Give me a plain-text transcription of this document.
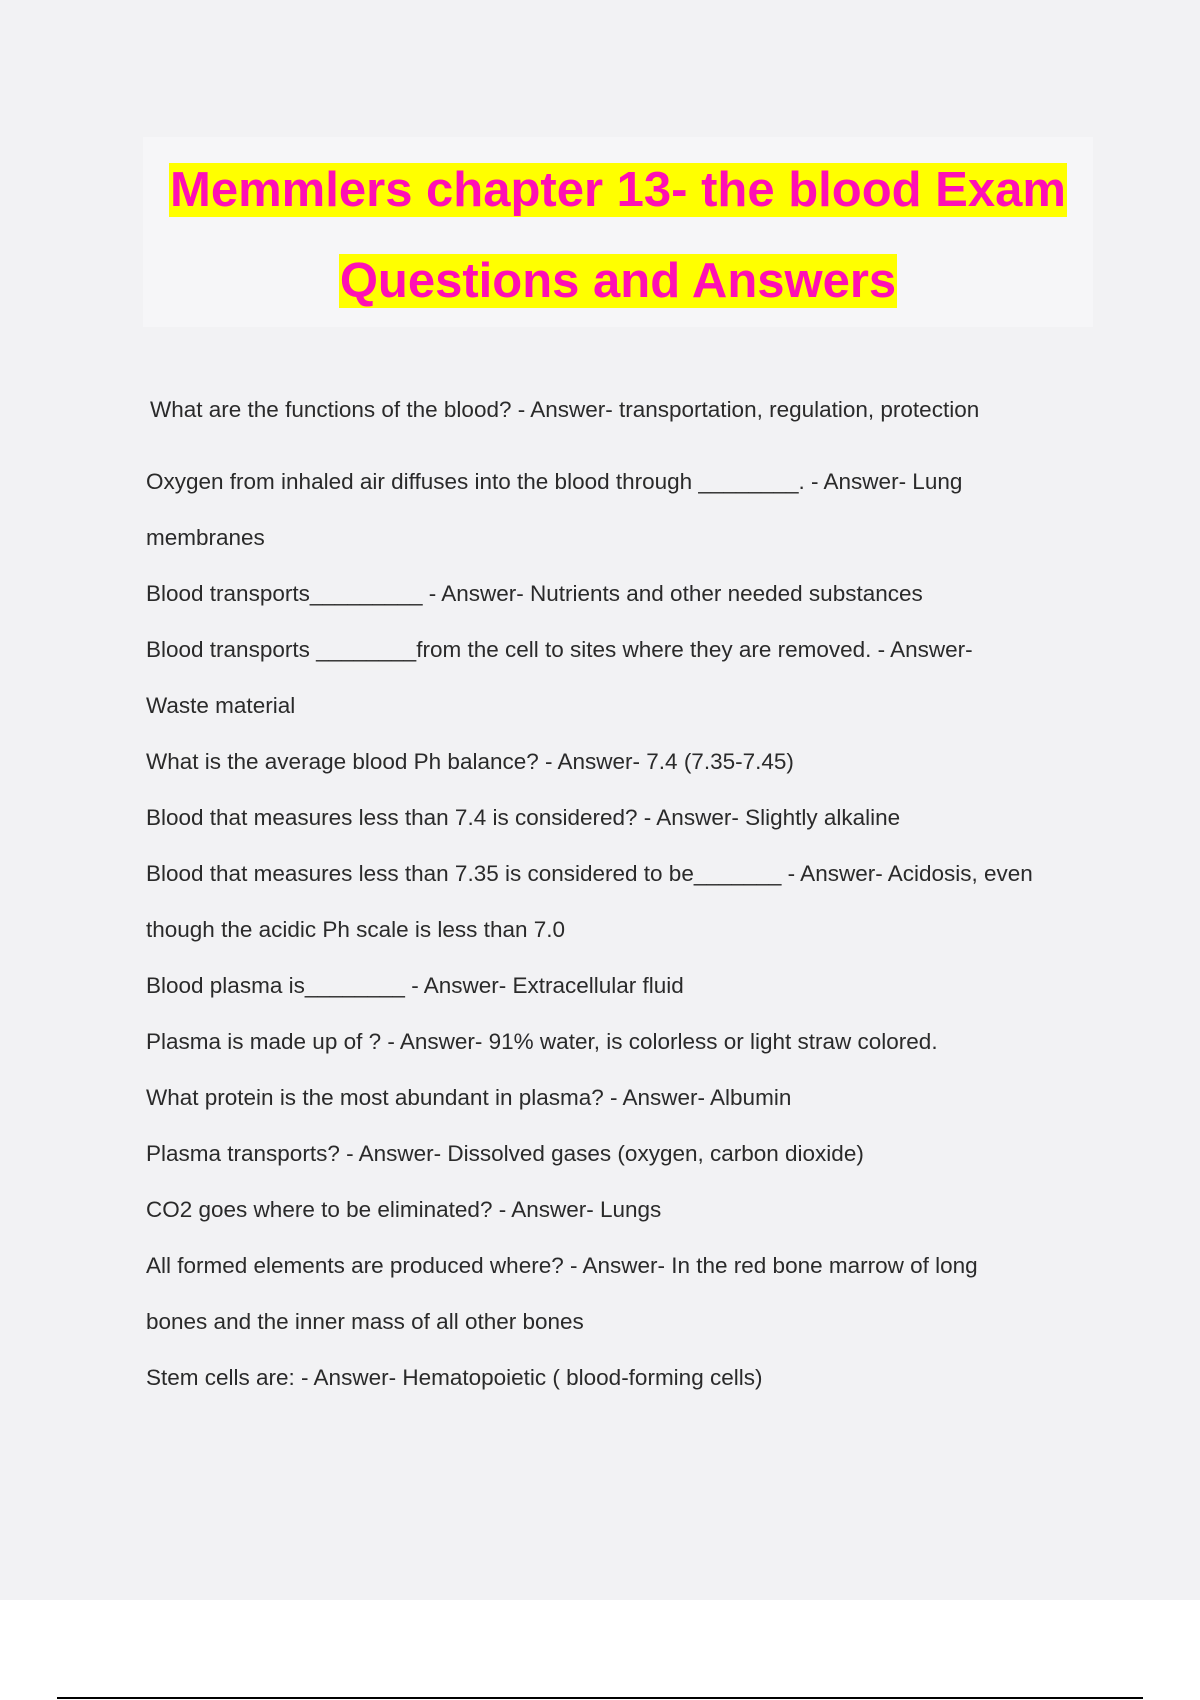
Memmlers chapter 13- the blood Exam
Questions and Answers
What are the functions of the blood? - Answer- transportation, regulation, protection
Oxygen from inhaled air diffuses into the blood through ________. - Answer- Lung
membranes
Blood transports_________ - Answer- Nutrients and other needed substances
Blood transports ________from the cell to sites where they are removed. - Answer-
Waste material
What is the average blood Ph balance? - Answer- 7.4 (7.35-7.45)
Blood that measures less than 7.4 is considered? - Answer- Slightly alkaline
Blood that measures less than 7.35 is considered to be_______ - Answer- Acidosis, even
though the acidic Ph scale is less than 7.0
Blood plasma is________ - Answer- Extracellular fluid
Plasma is made up of ? - Answer- 91% water, is colorless or light straw colored.
What protein is the most abundant in plasma? - Answer- Albumin
Plasma transports? - Answer- Dissolved gases (oxygen, carbon dioxide)
CO2 goes where to be eliminated? - Answer- Lungs
All formed elements are produced where? - Answer- In the red bone marrow of long
bones and the inner mass of all other bones
Stem cells are: - Answer- Hematopoietic ( blood-forming cells)
